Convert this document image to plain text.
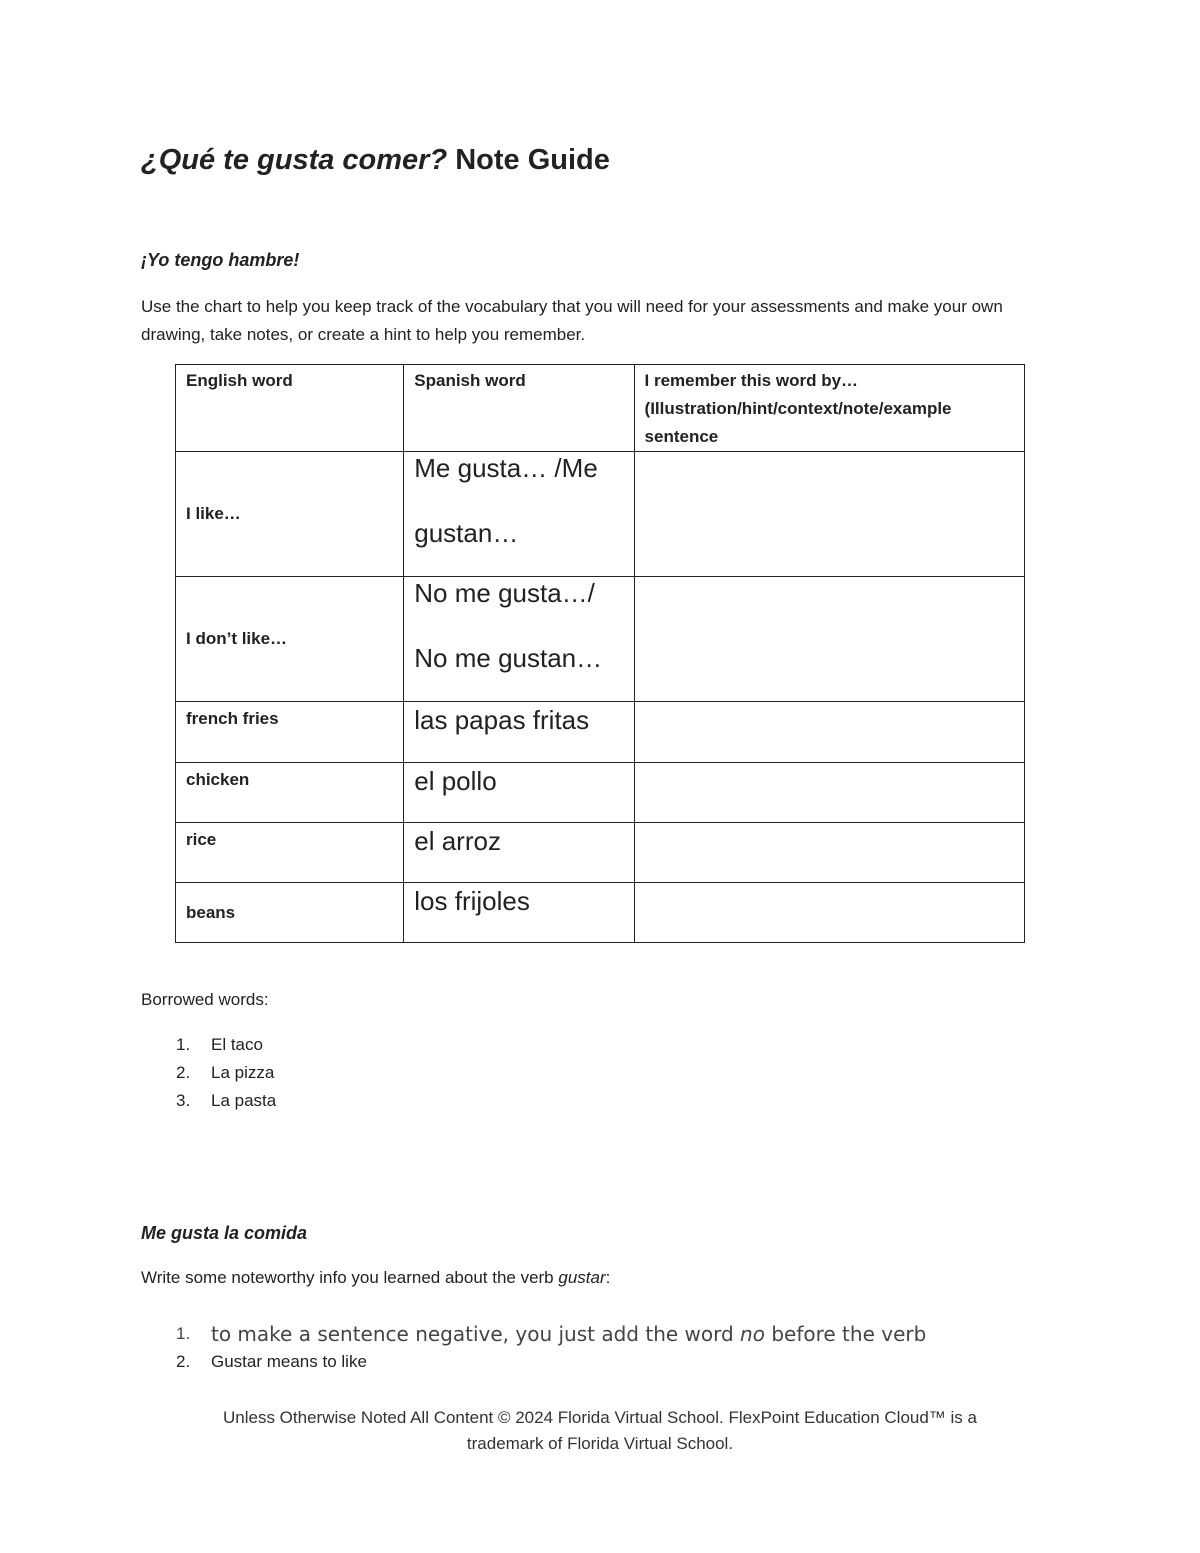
¿Qué te gusta comer? Note Guide
¡Yo tengo hambre!

Use the chart to help you keep track of the vocabulary that you will need for your assessments and make your own drawing, take notes, or create a hint to help you remember.

English word	Spanish word	I remember this word by…(Illustration/hint/context/note/example sentence
I like…	Me gusta… /Me
gustan…	

I don’t like…	No me gusta…/
No me gustan…	

french fries	las papas fritas	
chicken	el pollo	
rice	el arroz	
beans	los frijoles	

Borrowed words:

1. El taco
2. La pizza
3. La pasta
Me gusta la comida

Write some noteworthy info you learned about the verb gustar:

1. to make a sentence negative, you just add the word no before the verb
2. Gustar means to like
Unless Otherwise Noted All Content © 2024 Florida Virtual School. FlexPoint Education Cloud™ is a
trademark of Florida Virtual School.
